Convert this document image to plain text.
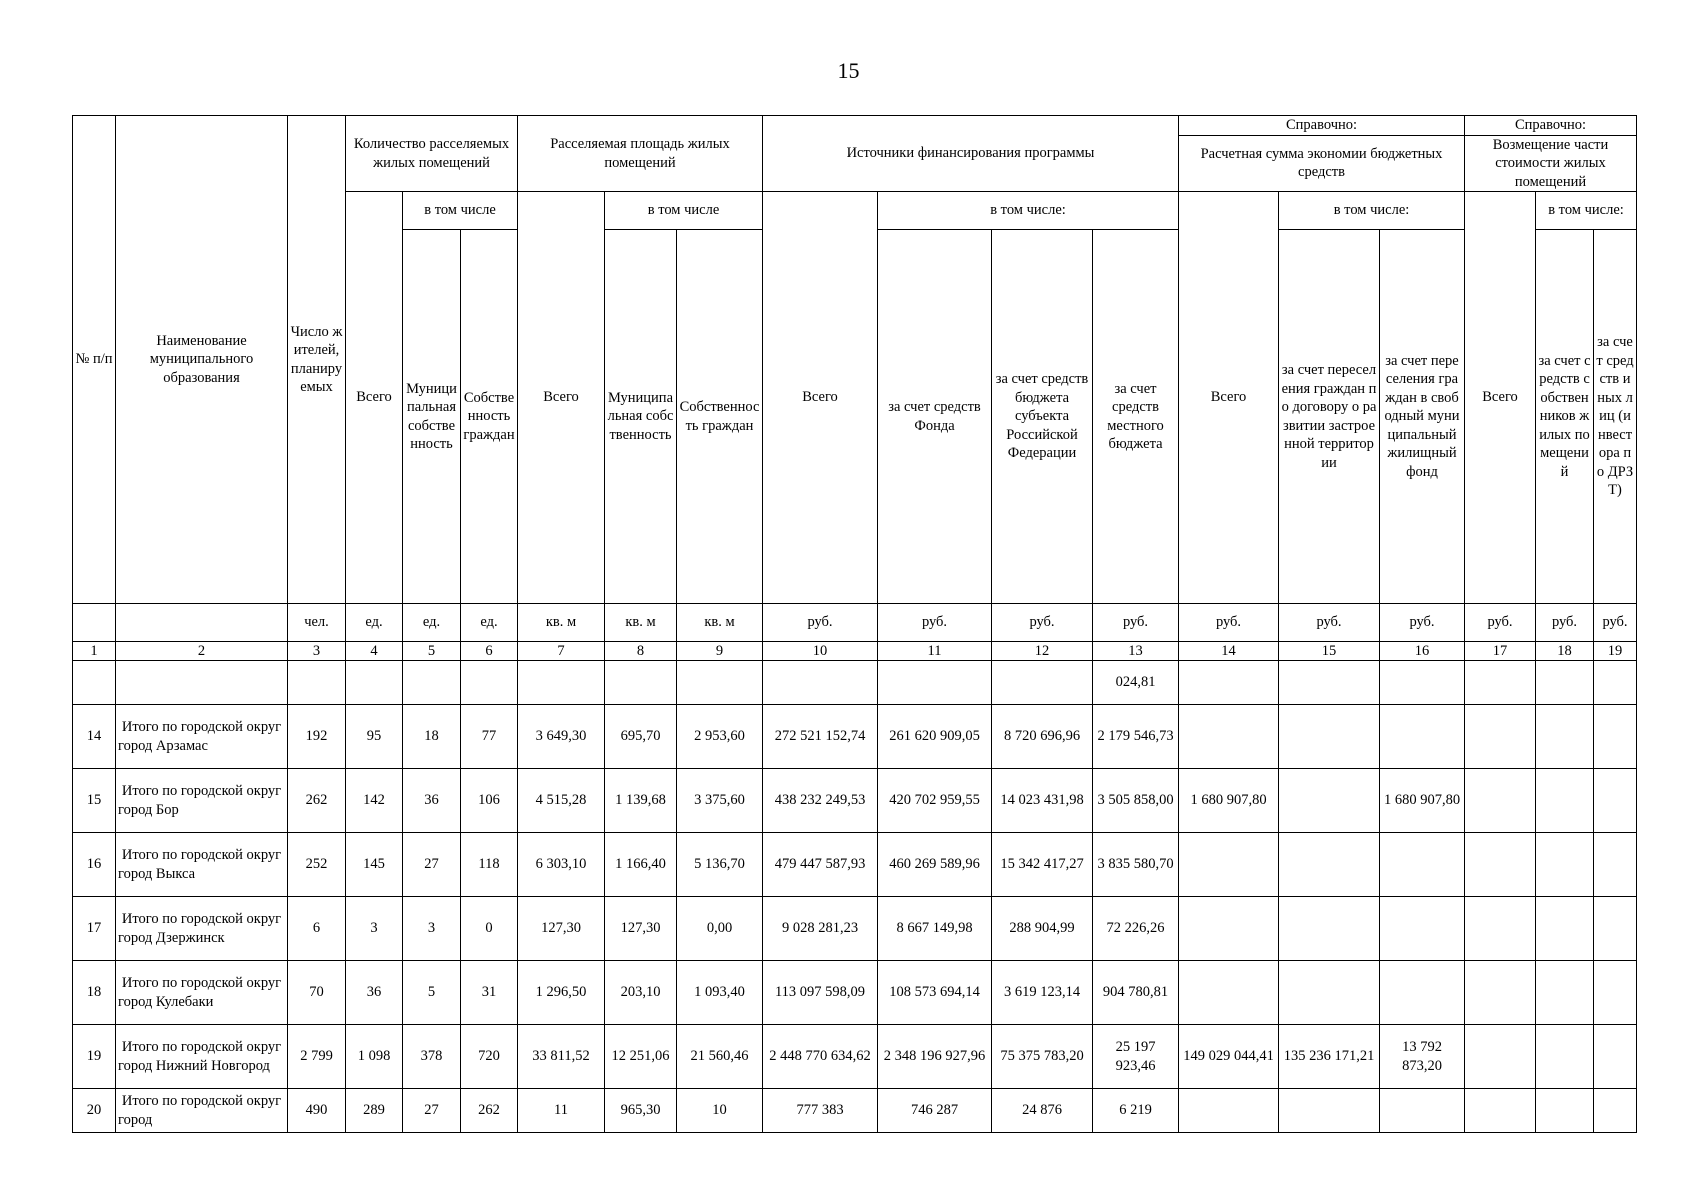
15
№ п/п	Наименование муниципального образования	Число жителей, планируемых	Количество расселяемых жилых помещений			Расселяемая площадь жилых помещений			Источники финансирования программы				Справочно:			Справочно:		
													Расчетная сумма экономии бюджетных средств			Возмещение части стоимости жилых помещений		
			Всего	в том числе		Всего	в том числе		Всего	в том числе:			Всего	в том числе:		Всего	в том числе:	
				Муниципальная собственность	Собственность граждан		Муниципальная собственность	Собственность граждан		за счет средств Фонда	за счет средств бюджета субъекта Российской Федерации	за счет средств местного бюджета		за счет переселения граждан по договору о развитии застроенной территории	за счет переселения граждан в свободный муниципальный жилищный фонд		за счет средств собственников жилых помещений	за счет средств иных лиц (инвестора по ДРЗТ)
		чел.	ед.	ед.	ед.	кв. м	кв. м	кв. м	руб.	руб.	руб.	руб.	руб.	руб.	руб.	руб.	руб.	руб.
1	2	3	4	5	6	7	8	9	10	11	12	13	14	15	16	17	18	19
												024,81						
14	Итого по городской округ город Арзамас	192	95	18	77	3 649,30	695,70	2 953,60	272 521 152,74	261 620 909,05	8 720 696,96	2 179 546,73						
15	Итого по городской округ город Бор	262	142	36	106	4 515,28	1 139,68	3 375,60	438 232 249,53	420 702 959,55	14 023 431,98	3 505 858,00	1 680 907,80		1 680 907,80			
16	Итого по городской округ город Выкса	252	145	27	118	6 303,10	1 166,40	5 136,70	479 447 587,93	460 269 589,96	15 342 417,27	3 835 580,70						
17	Итого по городской округ город Дзержинск	6	3	3	0	127,30	127,30	0,00	9 028 281,23	8 667 149,98	288 904,99	72 226,26						
18	Итого по городской округ город Кулебаки	70	36	5	31	1 296,50	203,10	1 093,40	113 097 598,09	108 573 694,14	3 619 123,14	904 780,81						
19	Итого по городской округ город Нижний Новгород	2 799	1 098	378	720	33 811,52	12 251,06	21 560,46	2 448 770 634,62	2 348 196 927,96	75 375 783,20	25 197 923,46	149 029 044,41	135 236 171,21	13 792 873,20			
20	Итого по городской округ город	490	289	27	262	11	965,30	10	777 383	746 287	24 876	6 219						
